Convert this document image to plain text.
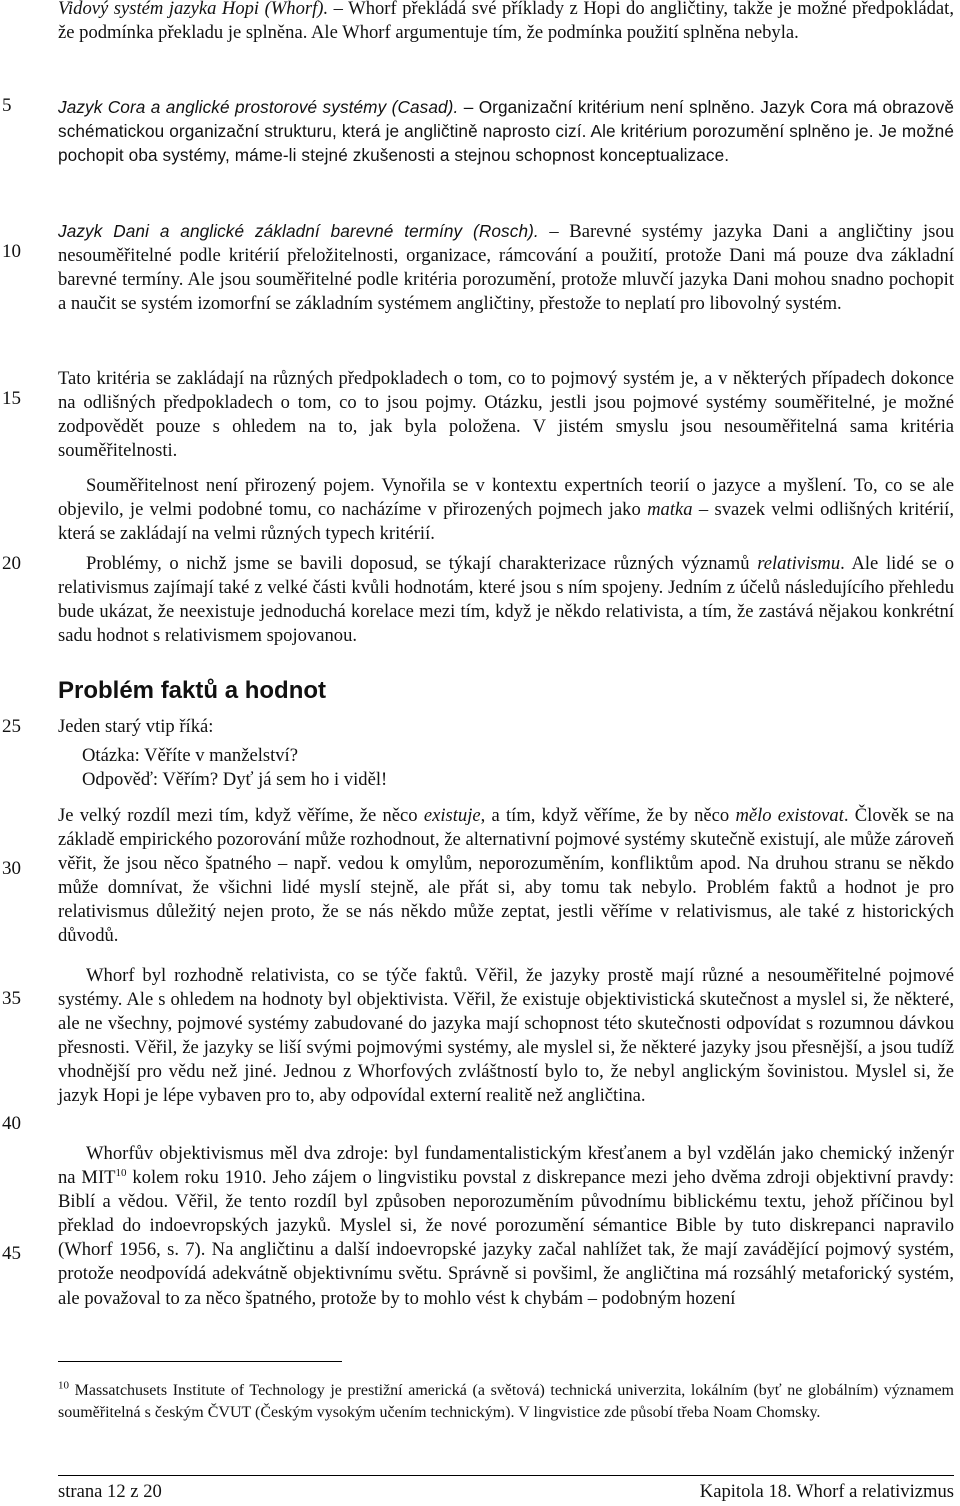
5
10
15
20
25
30
35
40
45

Vidový systém jazyka Hopi (Whorf). – Whorf překládá své příklady z Hopi do angličtiny, takže je možné předpokládat, že podmínka překladu je splněna. Ale Whorf argumentuje tím, že podmínka použití splněna nebyla.

Jazyk Cora a anglické prostorové systémy (Casad). – Organizační kritérium není splněno. Jazyk Cora má obrazově schématickou organizační strukturu, která je angličtině naprosto cizí. Ale kritérium porozumění splněno je. Je možné pochopit oba systémy, máme-li stejné zkušenosti a stejnou schopnost konceptualizace.

Jazyk Dani a anglické základní barevné termíny (Rosch). – Barevné systémy jazyka Dani a angličtiny jsou nesouměřitelné podle kritérií přeložitelnosti, organizace, rámcování a použití, protože Dani má pouze dva základní barevné termíny. Ale jsou souměřitelné podle kritéria porozumění, protože mluvčí jazyka Dani mohou snadno pochopit a naučit se systém izomorfní se základním systémem angličtiny, přestože to neplatí pro libovolný systém.

Tato kritéria se zakládají na různých předpokladech o tom, co to pojmový systém je, a v některých případech dokonce na odlišných předpokladech o tom, co to jsou pojmy. Otázku, jestli jsou pojmové systémy souměřitelné, je možné zodpovědět pouze s ohledem na to, jak byla položena. V jistém smyslu jsou nesouměřitelná sama kritéria souměřitelnosti.

Souměřitelnost není přirozený pojem. Vynořila se v kontextu expertních teorií o jazyce a myšlení. To, co se ale objevilo, je velmi podobné tomu, co nacházíme v přirozených pojmech jako matka – svazek velmi odlišných kritérií, která se zakládají na velmi různých typech kritérií.

Problémy, o nichž jsme se bavili doposud, se týkají charakterizace různých významů relativismu. Ale lidé se o relativismus zajímají také z velké části kvůli hodnotám, které jsou s ním spojeny. Jedním z účelů následujícího přehledu bude ukázat, že neexistuje jednoduchá korelace mezi tím, když je někdo relativista, a tím, že zastává nějakou konkrétní sadu hodnot s relativismem spojovanou.

Problém faktů a hodnot

Jeden starý vtip říká:

Otázka: Věříte v manželství?

Odpověď: Věřím? Dyť já sem ho i viděl!

Je velký rozdíl mezi tím, když věříme, že něco existuje, a tím, když věříme, že by něco mělo existovat. Člověk se na základě empirického pozorování může rozhodnout, že alternativní pojmové systémy skutečně existují, ale může zároveň věřit, že jsou něco špatného – např. vedou k omylům, neporozuměním, konfliktům apod. Na druhou stranu se někdo může domnívat, že všichni lidé myslí stejně, ale přát si, aby tomu tak nebylo. Problém faktů a hodnot je pro relativismus důležitý nejen proto, že se nás někdo může zeptat, jestli věříme v relativismus, ale také z historických důvodů.

Whorf byl rozhodně relativista, co se týče faktů. Věřil, že jazyky prostě mají různé a nesouměřitelné pojmové systémy. Ale s ohledem na hodnoty byl objektivista. Věřil, že existuje objektivistická skutečnost a myslel si, že některé, ale ne všechny, pojmové systémy zabudované do jazyka mají schopnost této skutečnosti odpovídat s rozumnou dávkou přesnosti. Věřil, že jazyky se liší svými pojmovými systémy, ale myslel si, že některé jazyky jsou přesnější, a jsou tudíž vhodnější pro vědu než jiné. Jednou z Whorfových zvláštností bylo to, že nebyl anglickým šovinistou. Myslel si, že jazyk Hopi je lépe vybaven pro to, aby odpovídal externí realitě než angličtina.

Whorfův objektivismus měl dva zdroje: byl fundamentalistickým křesťanem a byl vzdělán jako chemický inženýr na MIT$^{10}$ kolem roku 1910. Jeho zájem o lingvistiku povstal z diskrepance mezi jeho dvěma zdroji objektivní pravdy: Biblí a vědou. Věřil, že tento rozdíl byl způsoben neporozuměním původnímu biblickému textu, jehož příčinou byl překlad do indoevropských jazyků. Myslel si, že nové porozumění sémantice Bible by tuto diskrepanci napravilo (Whorf 1956, s. 7). Na angličtinu a další indoevropské jazyky začal nahlížet tak, že mají zavádějící pojmový systém, protože neodpovídá adekvátně objektivnímu světu. Správně si povšiml, že angličtina má rozsáhlý metaforický systém, ale považoval to za něco špatného, protože by to mohlo vést k chybám – podobným hození

$^{10}$ Massatchusets Institute of Technology je prestižní americká (a světová) technická univerzita, lokálním (byť ne globálním) významem souměřitelná s českým ČVUT (Českým vysokým učením technickým). V lingvistice zde působí třeba Noam Chomsky.

strana 12 z 20	Kapitola 18. Whorf a relativizmus
